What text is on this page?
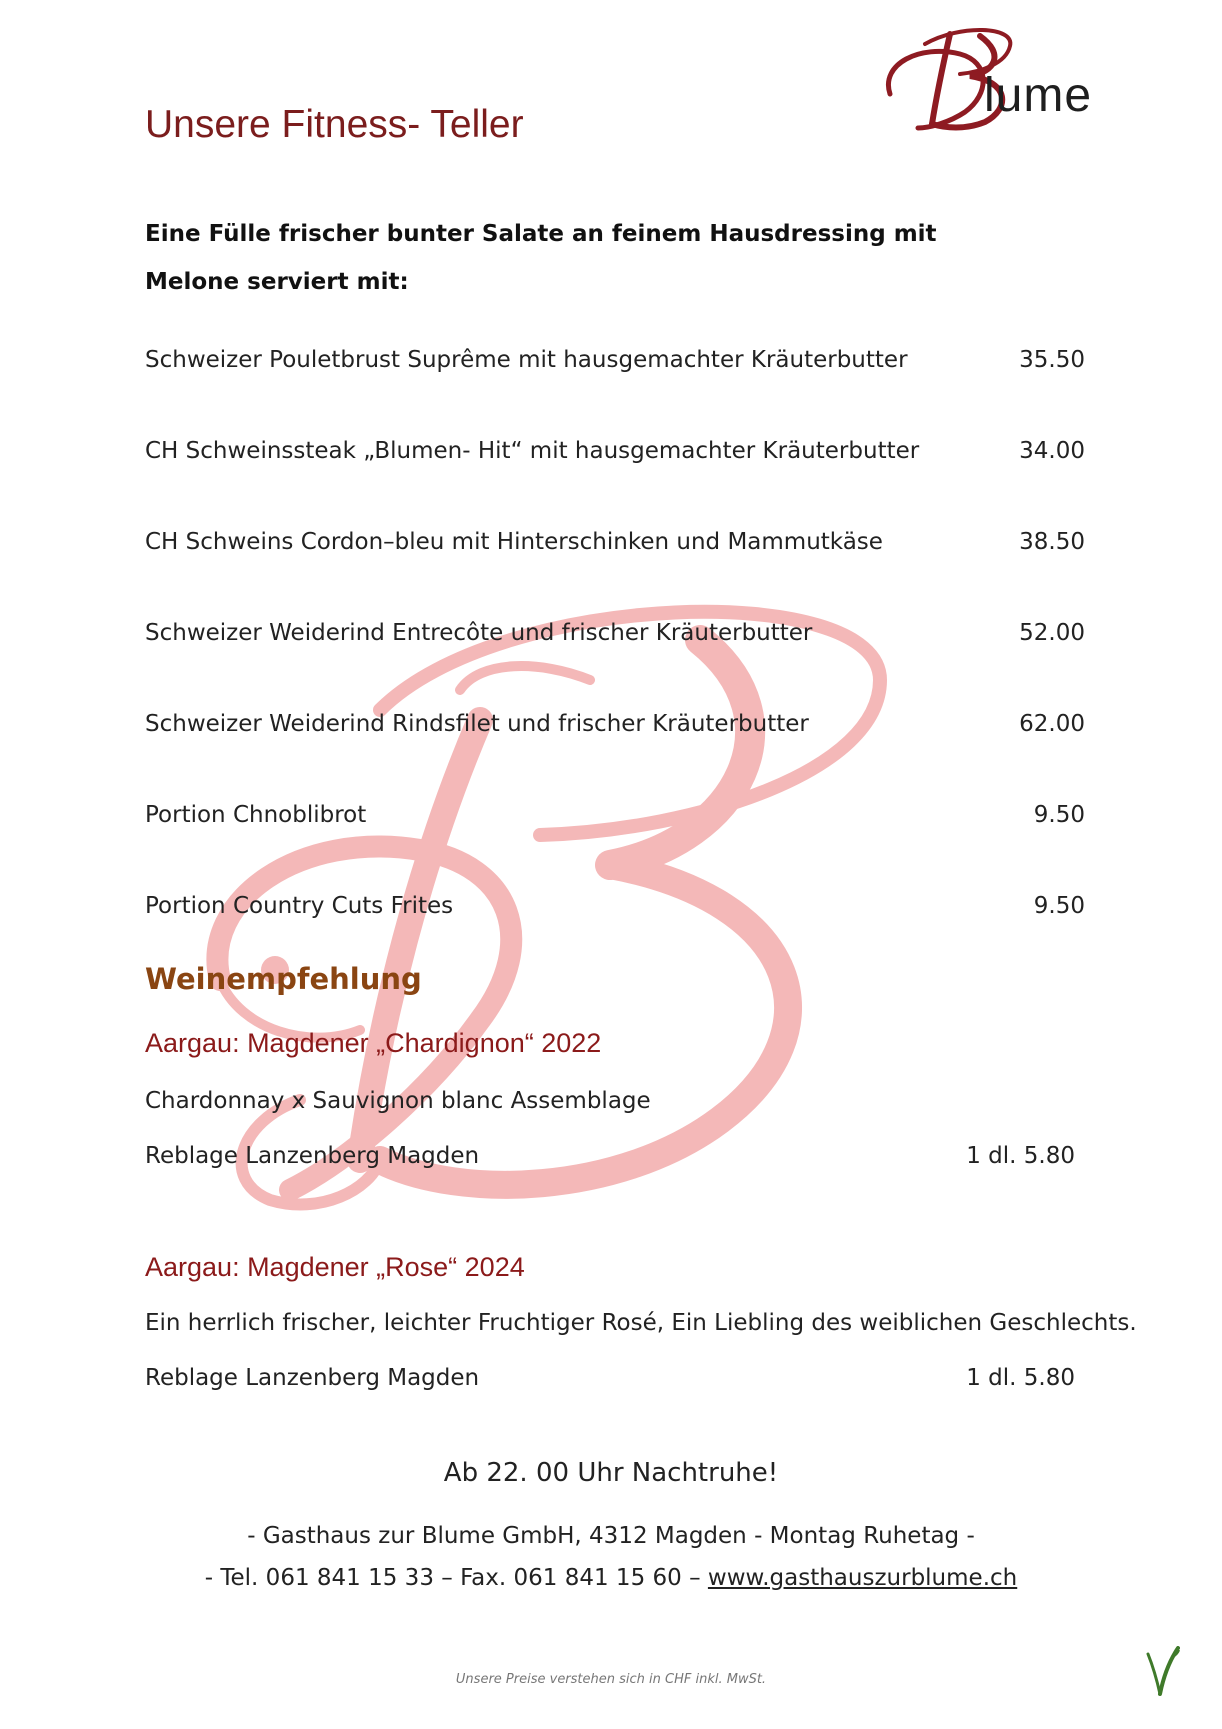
lume
Unsere Fitness- Teller
Eine Fülle frischer bunter Salate an feinem Hausdressing mit Melone serviert mit:
Schweizer Pouletbrust Suprême mit hausgemachter Kräuterbutter	35.50
CH Schweinssteak „Blumen- Hit“ mit hausgemachter Kräuterbutter	34.00
CH Schweins Cordon–bleu mit Hinterschinken und Mammutkäse	38.50
Schweizer Weiderind Entrecôte und frischer Kräuterbutter	52.00
Schweizer Weiderind Rindsfilet und frischer Kräuterbutter	62.00
Portion Chnoblibrot	9.50
Portion Country Cuts Frites	9.50
Weinempfehlung
Aargau: Magdener „Chardignon“ 2022
Chardonnay x Sauvignon blanc Assemblage
Reblage Lanzenberg Magden	1 dl. 5.80
Aargau: Magdener „Rose“ 2024
Ein herrlich frischer, leichter Fruchtiger Rosé, Ein Liebling des weiblichen Geschlechts.
Reblage Lanzenberg Magden	1 dl. 5.80
Ab 22. 00 Uhr Nachtruhe!
- Gasthaus zur Blume GmbH, 4312 Magden - Montag Ruhetag -
- Tel. 061 841 15 33 – Fax. 061 841 15 60 – www.gasthauszurblume.ch
Unsere Preise verstehen sich in CHF inkl. MwSt.
